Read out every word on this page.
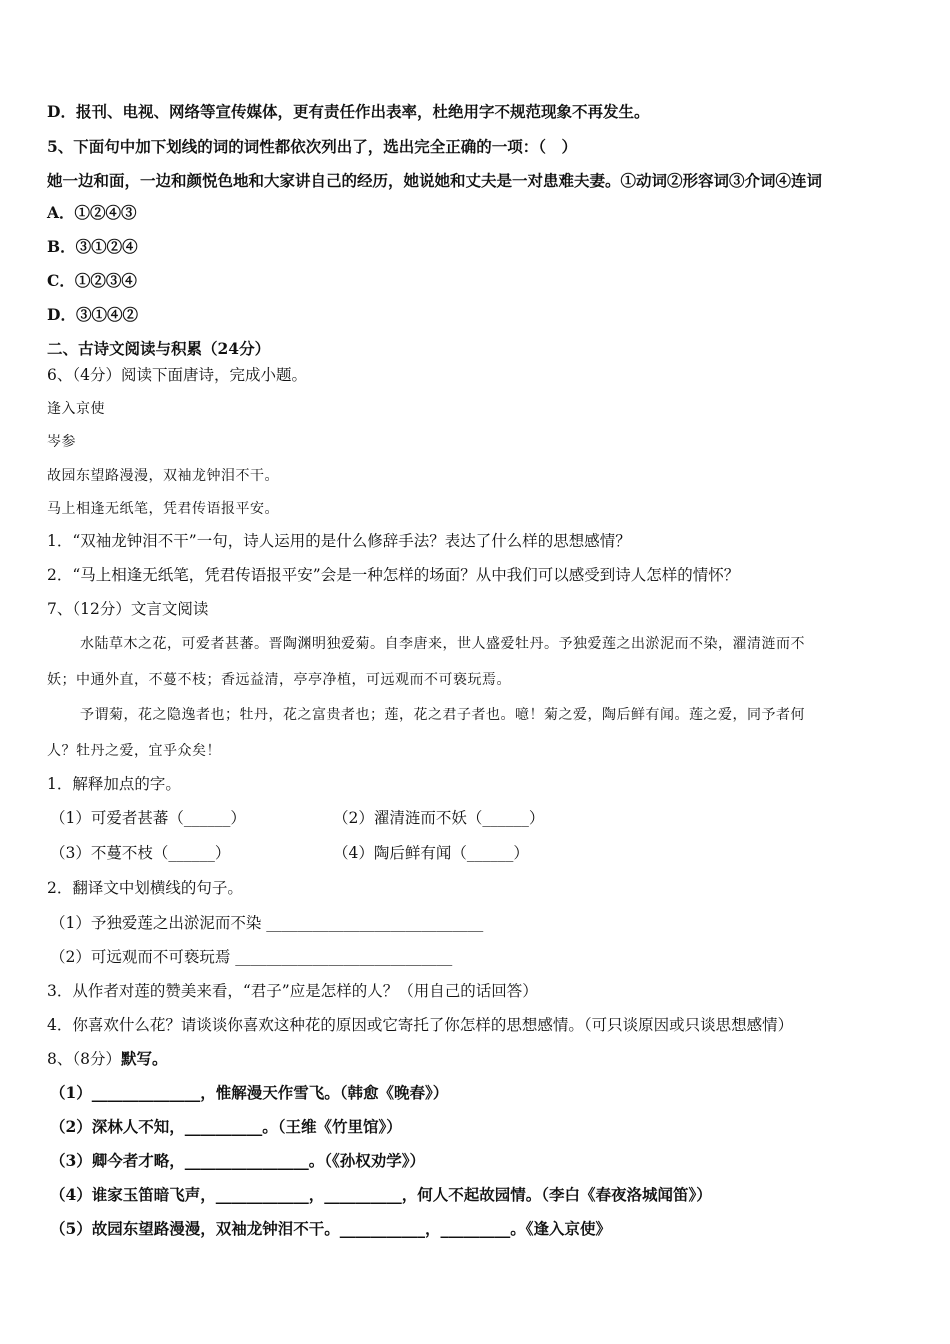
D．报刊、电视、网络等宣传媒体，更有责任作出表率，杜绝用字不规范现象不再发生。
5、下面句中加下划线的词的词性都依次列出了，选出完全正确的一项：（　）
她一边和面，一边和颜悦色地和大家讲自己的经历，她说她和丈夫是一对患难夫妻。①动词②形容词③介词④连词
A．①②④③
B．③①②④
C．①②③④
D．③①④②
二、古诗文阅读与积累（24分）
6、（4分）阅读下面唐诗，完成小题。
逢入京使
岑参
故园东望路漫漫，双袖龙钟泪不干。
马上相逢无纸笔，凭君传语报平安。
1．“双袖龙钟泪不干”一句，诗人运用的是什么修辞手法？表达了什么样的思想感情？
2．“马上相逢无纸笔，凭君传语报平安”会是一种怎样的场面？从中我们可以感受到诗人怎样的情怀？
7、（12分）文言文阅读
水陆草木之花，可爱者甚蕃。晋陶渊明独爱菊。自李唐来，世人盛爱牡丹。予独爱莲之出淤泥而不染，濯清涟而不
妖；中通外直，不蔓不枝；香远益清，亭亭净植，可远观而不可亵玩焉。
予谓菊，花之隐逸者也；牡丹，花之富贵者也；莲，花之君子者也。噫！菊之爱，陶后鲜有闻。莲之爱，同予者何
人？牡丹之爱，宜乎众矣！
1．解释加点的字。
（1）可爱者甚蕃（______）	（2）濯清涟而不妖（______）
（3）不蔓不枝（______）	（4）陶后鲜有闻（______）
2．翻译文中划横线的句子。
（1）予独爱莲之出淤泥而不染 ____________________________
（2）可远观而不可亵玩焉 ____________________________
3．从作者对莲的赞美来看，“君子”应是怎样的人？（用自己的话回答）
4．你喜欢什么花？请谈谈你喜欢这种花的原因或它寄托了你怎样的思想感情。（可只谈原因或只谈思想感情）
8、（8分）默写。
（1）______________，惟解漫天作雪飞。（韩愈《晚春》）
（2）深林人不知，__________。（王维《竹里馆》）
（3）卿今者才略，________________。（《孙权劝学》）
（4）谁家玉笛暗飞声，____________，__________，何人不起故园情。（李白《春夜洛城闻笛》）
（5）故园东望路漫漫，双袖龙钟泪不干。___________，_________。《逢入京使》
